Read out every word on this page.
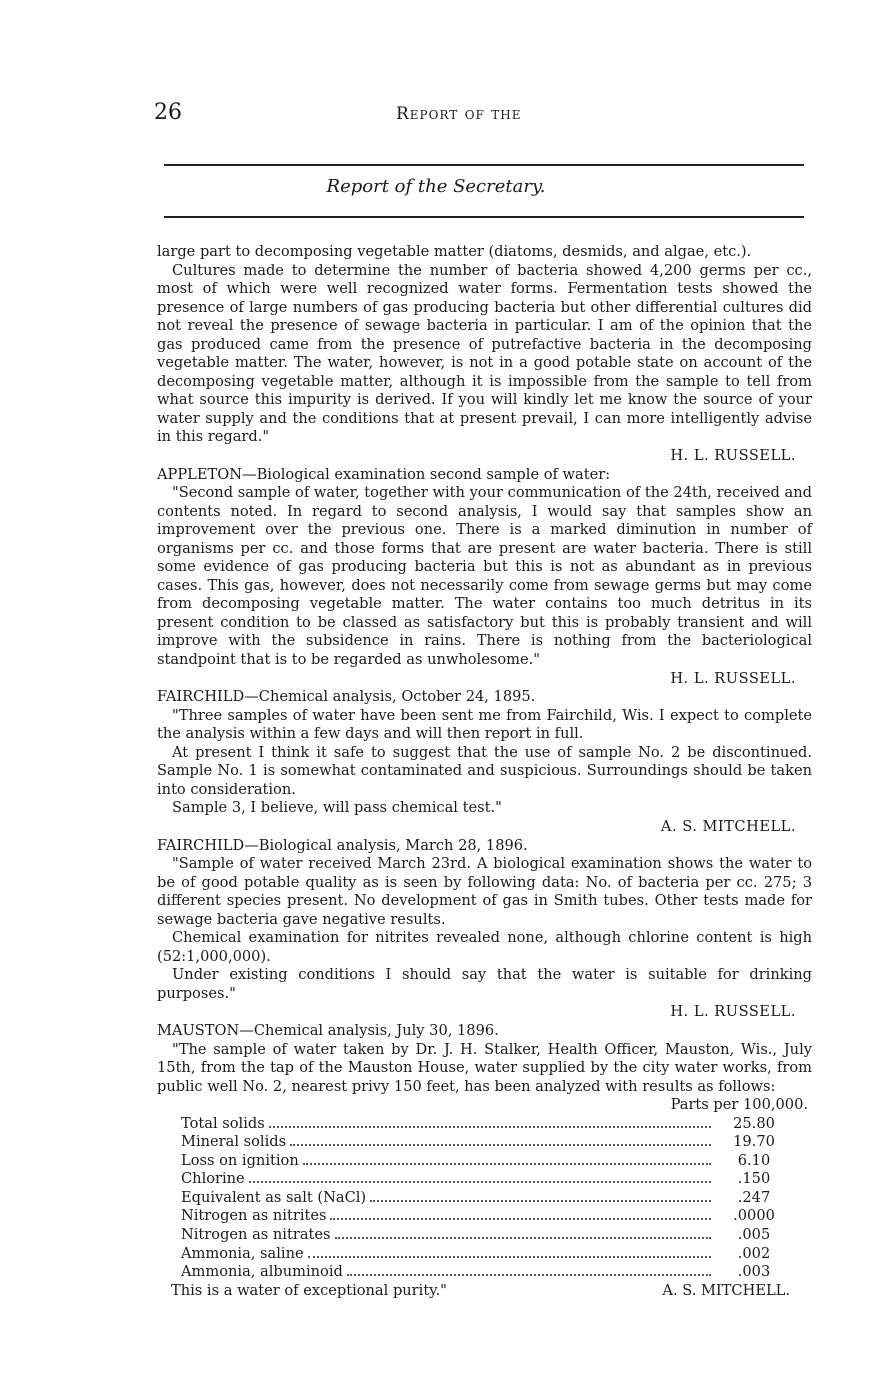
26	Report of the
Report of the Secretary.

large part to decomposing vegetable matter (diatoms, desmids, and algae, etc.).

Cultures made to determine the number of bacteria showed 4,200 germs per cc., most of which were well recognized water forms. Fermentation tests showed the presence of large numbers of gas producing bacteria but other differential cultures did not reveal the presence of sewage bacteria in particular. I am of the opinion that the gas produced came from the presence of putrefactive bacteria in the decomposing vegetable matter. The water, however, is not in a good potable state on account of the decomposing vegetable matter, although it is impossible from the sample to tell from what source this impurity is derived. If you will kindly let me know the source of your water supply and the conditions that at present prevail, I can more intelligently advise in this regard."

H. L. RUSSELL.

APPLETON—Biological examination second sample of water:

"Second sample of water, together with your communication of the 24th, received and contents noted. In regard to second analysis, I would say that samples show an improvement over the previous one. There is a marked diminution in number of organisms per cc. and those forms that are present are water bacteria. There is still some evidence of gas producing bacteria but this is not as abundant as in previous cases. This gas, however, does not necessarily come from sewage germs but may come from decomposing vegetable matter. The water contains too much detritus in its present condition to be classed as satisfactory but this is probably transient and will improve with the subsidence in rains. There is nothing from the bacteriological standpoint that is to be regarded as unwholesome."

H. L. RUSSELL.

FAIRCHILD—Chemical analysis, October 24, 1895.

"Three samples of water have been sent me from Fairchild, Wis. I expect to complete the analysis within a few days and will then report in full.

At present I think it safe to suggest that the use of sample No. 2 be discontinued. Sample No. 1 is somewhat contaminated and suspicious. Surroundings should be taken into consideration.

Sample 3, I believe, will pass chemical test."

A. S. MITCHELL.

FAIRCHILD—Biological analysis, March 28, 1896.

"Sample of water received March 23rd. A biological examination shows the water to be of good potable quality as is seen by following data: No. of bacteria per cc. 275; 3 different species present. No development of gas in Smith tubes. Other tests made for sewage bacteria gave negative results.

Chemical examination for nitrites revealed none, although chlorine content is high (52:1,000,000).

Under existing conditions I should say that the water is suitable for drinking purposes."

H. L. RUSSELL.

MAUSTON—Chemical analysis, July 30, 1896.

"The sample of water taken by Dr. J. H. Stalker, Health Officer, Mauston, Wis., July 15th, from the tap of the Mauston House, water supplied by the city water works, from public well No. 2, nearest privy 150 feet, has been analyzed with results as follows:

Parts per 100,000.

Total solids	25.80
Mineral solids	19.70
Loss on ignition	6.10
Chlorine	.150
Equivalent as salt (NaCl)	.247
Nitrogen as nitrites	.0000
Nitrogen as nitrates	.005
Ammonia, saline	.002
Ammonia, albuminoid	.003
This is a water of exceptional purity."	A. S. MITCHELL.
